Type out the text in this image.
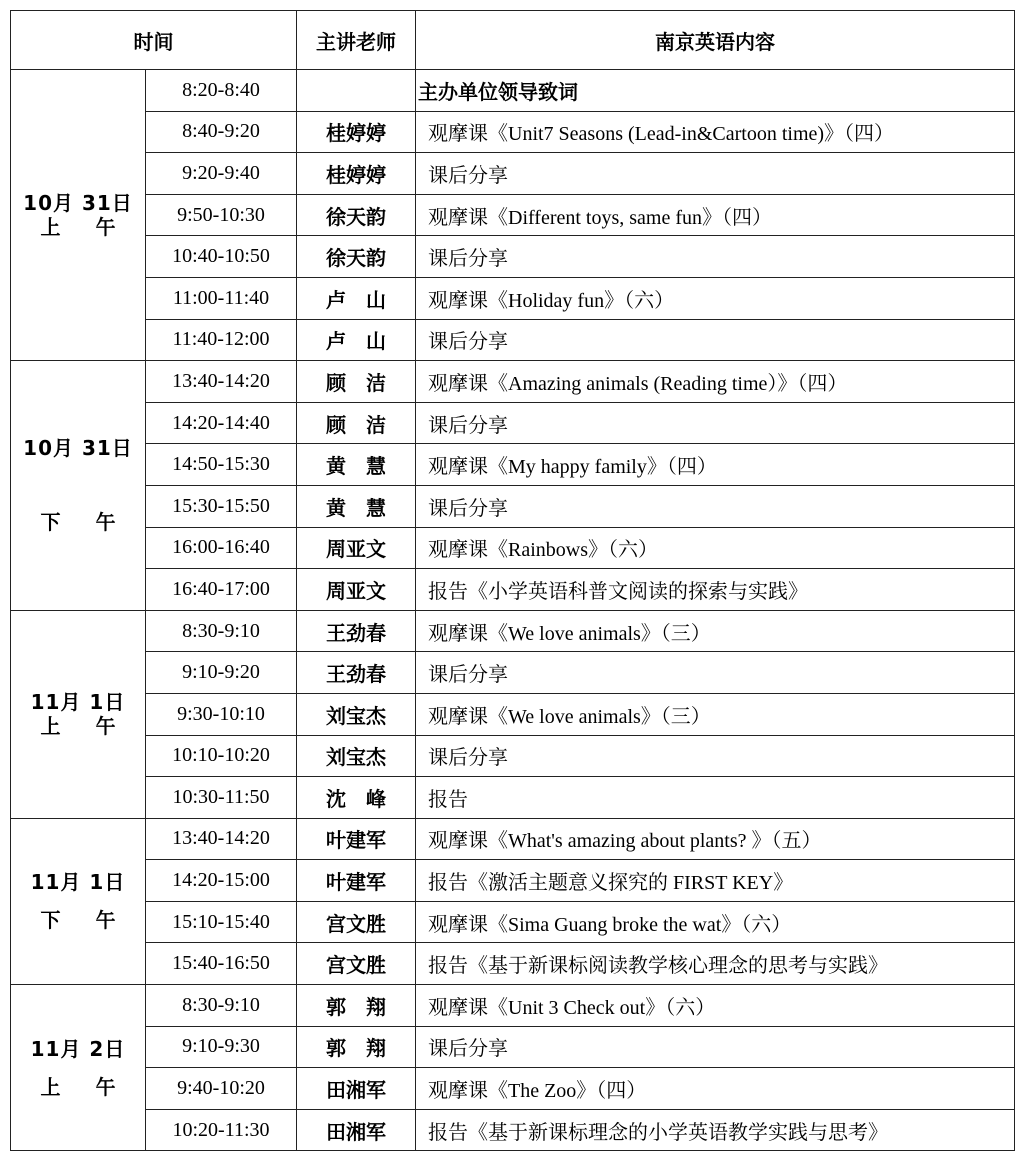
时间		主讲老师	南京英语内容

10月 31日
上 午	8:20-8:40		主办单位领导致词
	8:40-9:20	桂婷婷	观摩课《Unit7 Seasons (Lead-in&Cartoon time)》（四）
	9:20-9:40	桂婷婷	课后分享
	9:50-10:30	徐天韵	观摩课《Different toys, same fun》（四）
	10:40-10:50	徐天韵	课后分享
	11:00-11:40	卢　山	观摩课《Holiday fun》（六）
	11:40-12:00	卢　山	课后分享

10月 31日
下 午	13:40-14:20	顾　洁	观摩课《Amazing animals (Reading time）》（四）
	14:20-14:40	顾　洁	课后分享
	14:50-15:30	黄　慧	观摩课《My happy family》（四）
	15:30-15:50	黄　慧	课后分享
	16:00-16:40	周亚文	观摩课《Rainbows》（六）
	16:40-17:00	周亚文	报告《小学英语科普文阅读的探索与实践》

11月 1日
上 午	8:30-9:10	王劲春	观摩课《We love animals》（三）
	9:10-9:20	王劲春	课后分享
	9:30-10:10	刘宝杰	观摩课《We love animals》（三）
	10:10-10:20	刘宝杰	课后分享
	10:30-11:50	沈　峰	报告

11月 1日
下 午	13:40-14:20	叶建军	观摩课《What's amazing about plants? 》（五）
	14:20-15:00	叶建军	报告《激活主题意义探究的 FIRST KEY》
	15:10-15:40	宫文胜	观摩课《Sima Guang broke the wat》（六）
	15:40-16:50	宫文胜	报告《基于新课标阅读教学核心理念的思考与实践》

11月 2日
上 午	8:30-9:10	郭　翔	观摩课《Unit 3 Check out》（六）
	9:10-9:30	郭　翔	课后分享
	9:40-10:20	田湘军	观摩课《The Zoo》（四）
	10:20-11:30	田湘军	报告《基于新课标理念的小学英语教学实践与思考》
